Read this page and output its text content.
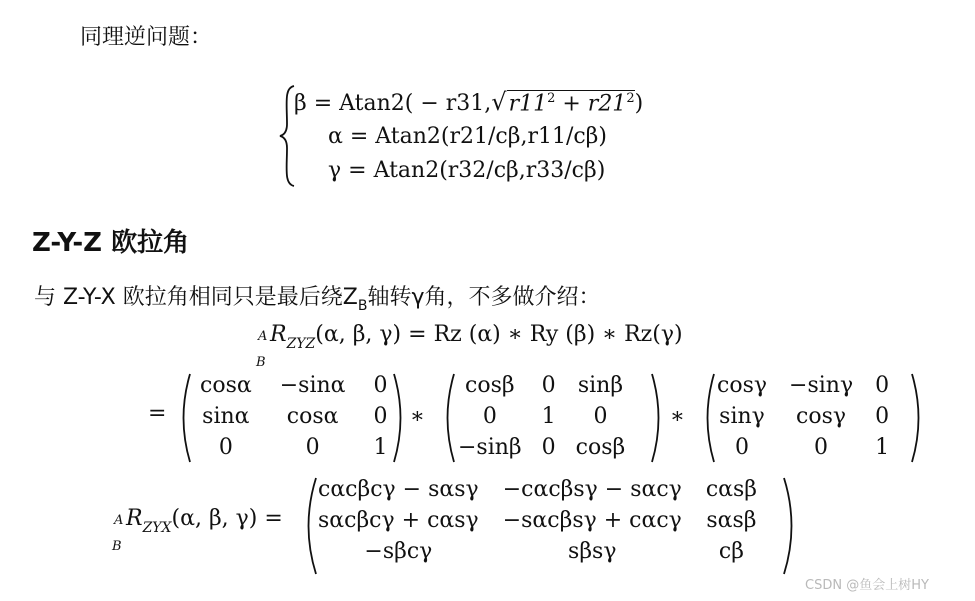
同理逆问题：
$\beta = Atan2( - r31,√r11^2 + r21^2)$
α = Atan2(r21/cβ,r11/cβ)
γ = Atan2(r32/cβ,r33/cβ)
Z-Y-Z 欧拉角
与 Z-Y-X 欧拉角相同只是最后绕$Z_B$轴转γ角，不多做介绍：
A
B
$R_{ZYZ}(\alpha$, β, γ) = Rz (α) ∗ Ry (β) ∗ Rz(γ)
=
cosα	−sinα	0
sinα	cosα	0
0	0	1
∗
cosβ	0	sinβ
0	1	0
−sinβ	0	cosβ
∗
cosγ	−sinγ	0
sinγ	cosγ	0
0	0	1
A
B
$R_{ZYX}(\alpha$, β, γ) =
cαcβcγ − sαsγ	−cαcβsγ − sαcγ	cαsβ
sαcβcγ + cαsγ	−sαcβsγ + cαcγ	sαsβ
−sβcγ	sβsγ	cβ
CSDN @鱼会上树HY
